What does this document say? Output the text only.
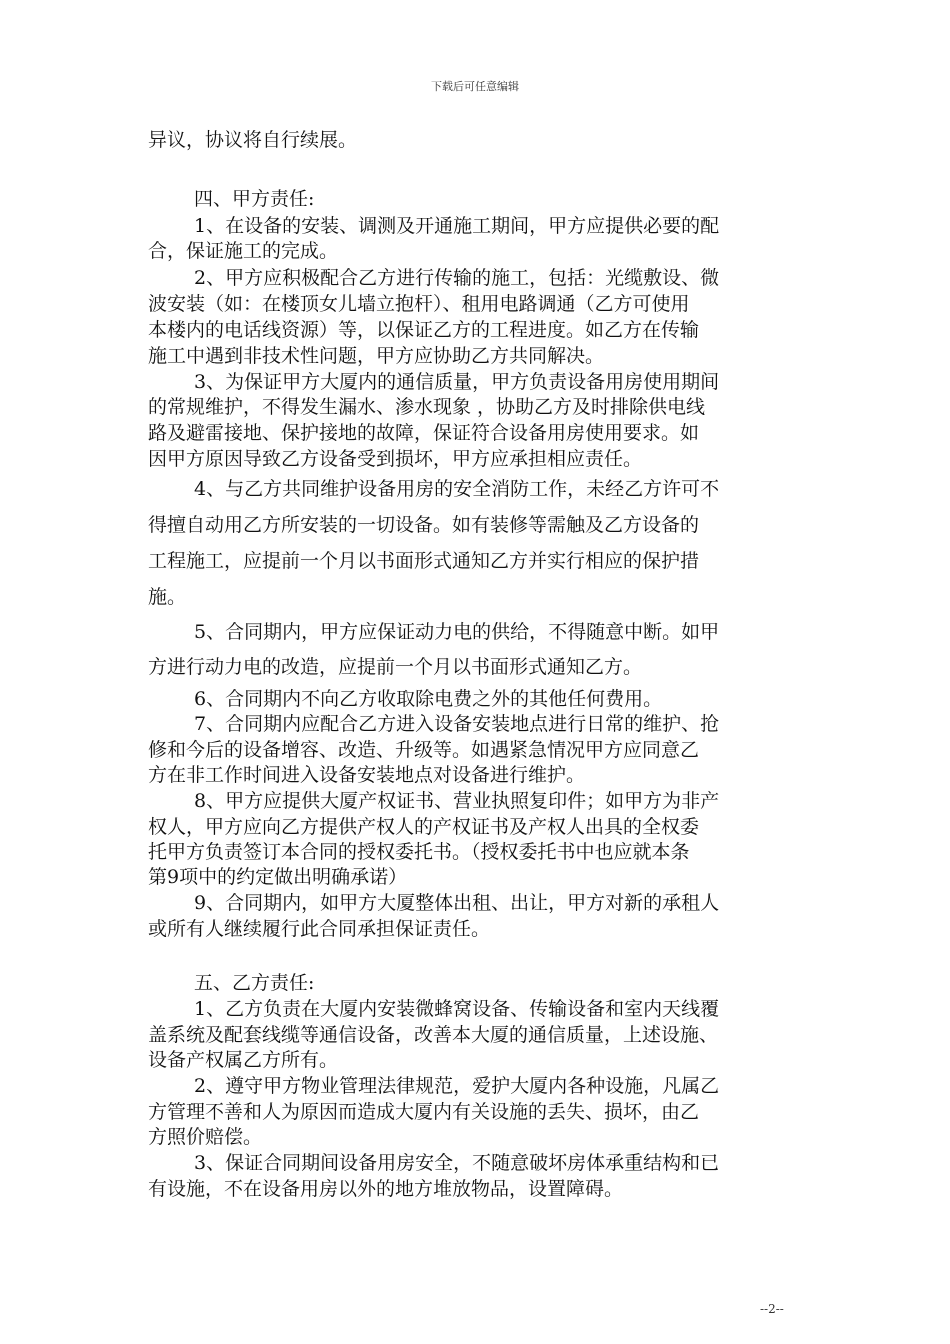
下载后可任意编辑
异议，协议将自行续展。
四、甲方责任:
1、在设备的安装、调测及开通施工期间，甲方应提供必要的配
合，保证施工的完成。
2、甲方应积极配合乙方进行传输的施工，包括：光缆敷设、微
波安装（如：在楼顶女儿墙立抱杆）、租用电路调通（乙方可使用
本楼内的电话线资源）等，以保证乙方的工程进度。如乙方在传输
施工中遇到非技术性问题，甲方应协助乙方共同解决。
3、为保证甲方大厦内的通信质量，甲方负责设备用房使用期间
的常规维护，不得发生漏水、渗水现象 ，协助乙方及时排除供电线
路及避雷接地、保护接地的故障，保证符合设备用房使用要求。如
因甲方原因导致乙方设备受到损坏，甲方应承担相应责任。
4、与乙方共同维护设备用房的安全消防工作，未经乙方许可不
得擅自动用乙方所安装的一切设备。如有装修等需触及乙方设备的
工程施工，应提前一个月以书面形式通知乙方并实行相应的保护措
施。
5、合同期内，甲方应保证动力电的供给，不得随意中断。如甲
方进行动力电的改造，应提前一个月以书面形式通知乙方。
6、合同期内不向乙方收取除电费之外的其他任何费用。
7、合同期内应配合乙方进入设备安装地点进行日常的维护、抢
修和今后的设备增容、改造、升级等。如遇紧急情况甲方应同意乙
方在非工作时间进入设备安装地点对设备进行维护。
8、甲方应提供大厦产权证书、营业执照复印件；如甲方为非产
权人，甲方应向乙方提供产权人的产权证书及产权人出具的全权委
托甲方负责签订本合同的授权委托书。（授权委托书中也应就本条
第9项中的约定做出明确承诺）
9、合同期内，如甲方大厦整体出租、出让，甲方对新的承租人
或所有人继续履行此合同承担保证责任。
五、乙方责任:
1、乙方负责在大厦内安装微蜂窝设备、传输设备和室内天线覆
盖系统及配套线缆等通信设备，改善本大厦的通信质量，上述设施、
设备产权属乙方所有。
2、遵守甲方物业管理法律规范，爱护大厦内各种设施，凡属乙
方管理不善和人为原因而造成大厦内有关设施的丢失、损坏，由乙
方照价赔偿。
3、保证合同期间设备用房安全，不随意破坏房体承重结构和已
有设施，不在设备用房以外的地方堆放物品，设置障碍。
--2--
